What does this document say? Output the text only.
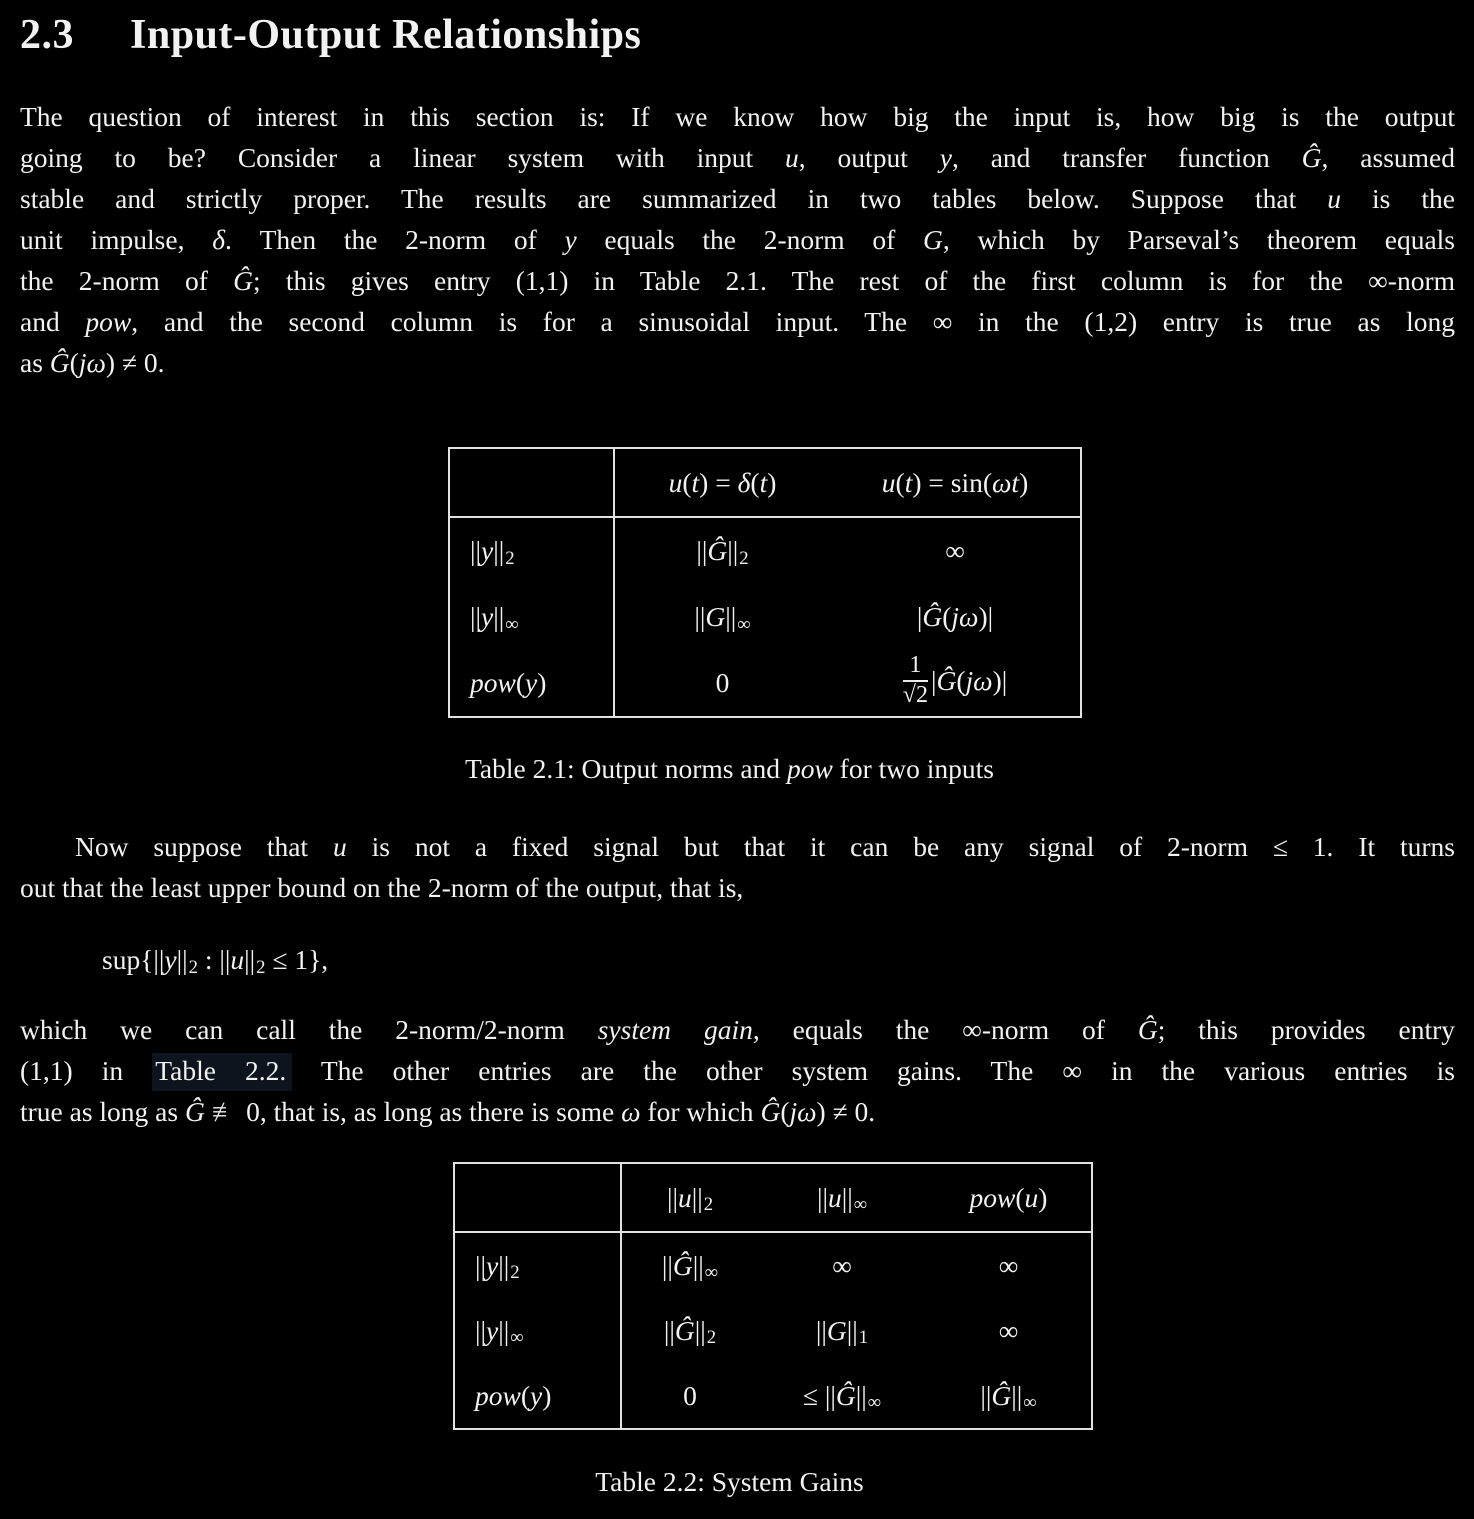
2.3 Input-Output Relationships
The question of interest in this section is: If we know how big the input is, how big is the output
going to be? Consider a linear system with input u, output y, and transfer function Ĝ, assumed
stable and strictly proper. The results are summarized in two tables below. Suppose that u is the
unit impulse, δ. Then the 2-norm of y equals the 2-norm of G, which by Parseval’s theorem equals
the 2-norm of Ĝ; this gives entry (1,1) in Table 2.1. The rest of the first column is for the ∞-norm
and pow, and the second column is for a sinusoidal input. The ∞ in the (1,2) entry is true as long
as Ĝ(jω) ≠ 0.
	u(t) = δ(t)	u(t) = sin(ωt)
$||y||_2$	$||Ĝ||_2$	∞
$||y||_\infty$	$||G||_\infty$	|Ĝ(jω)|
pow(y)	0	$\frac{1}{√2}$ |Ĝ(jω)|
Table 2.1: Output norms and pow for two inputs
Now suppose that u is not a fixed signal but that it can be any signal of 2-norm ≤ 1. It turns
out that the least upper bound on the 2-norm of the output, that is,
$sup\{||y||_2$ : $||u||_2 \le 1$},
which we can call the 2-norm/2-norm system gain, equals the ∞-norm of Ĝ; this provides entry
(1,1) in Table 2.2. The other entries are the other system gains. The ∞ in the various entries is
true as long as Ĝ ≢ 0, that is, as long as there is some ω for which Ĝ(jω) ≠ 0.
	$||u||_2$	$||u||_\infty$	pow(u)
$||y||_2$	$||Ĝ||_\infty$	∞	∞
$||y||_\infty$	$||Ĝ||_2$	$||G||_1$	∞
pow(y)	0	≤ $||Ĝ||_\infty$	$||Ĝ||_\infty$
Table 2.2: System Gains
